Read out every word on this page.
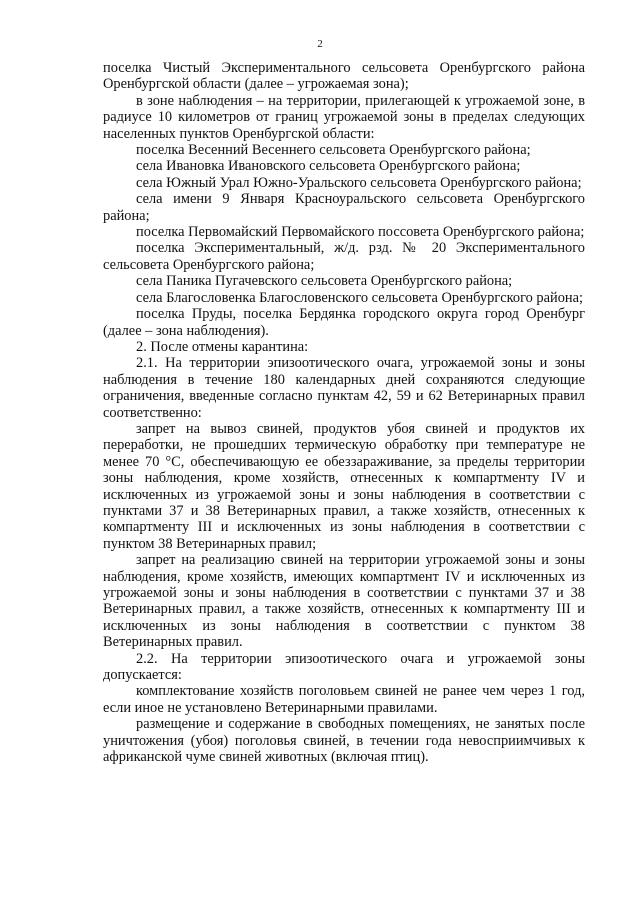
2

поселка Чистый Экспериментального сельсовета Оренбургского района Оренбургской области (далее – угрожаемая зона);

в зоне наблюдения – на территории, прилегающей к угрожаемой зоне, в радиусе 10 километров от границ угрожаемой зоны в пределах следующих населенных пунктов Оренбургской области:

поселка Весенний Весеннего сельсовета Оренбургского района;

села Ивановка Ивановского сельсовета Оренбургского района;

села Южный Урал Южно-Уральского сельсовета Оренбургского района;

села имени 9 Января Красноуральского сельсовета Оренбургского района;

поселка Первомайский Первомайского поссовета Оренбургского района;

поселка Экспериментальный, ж/д. рзд. № 20 Экспериментального сельсовета Оренбургского района;

села Паника Пугачевского сельсовета Оренбургского района;

села Благословенка Благословенского сельсовета Оренбургского района;

поселка Пруды, поселка Бердянка городского округа город Оренбург (далее – зона наблюдения).

2. После отмены карантина:

2.1. На территории эпизоотического очага, угрожаемой зоны и зоны наблюдения в течение 180 календарных дней сохраняются следующие ограничения, введенные согласно пунктам 42, 59 и 62 Ветеринарных правил соответственно:

запрет на вывоз свиней, продуктов убоя свиней и продуктов их переработки, не прошедших термическую обработку при температуре не менее 70 °С, обеспечивающую ее обеззараживание, за пределы территории зоны наблюдения, кроме хозяйств, отнесенных к компартменту IV и исключенных из угрожаемой зоны и зоны наблюдения в соответствии с пунктами 37 и 38 Ветеринарных правил, а также хозяйств, отнесенных к компартменту III и исключенных из зоны наблюдения в соответствии с пунктом 38 Ветеринарных правил;

запрет на реализацию свиней на территории угрожаемой зоны и зоны наблюдения, кроме хозяйств, имеющих компартмент IV и исключенных из угрожаемой зоны и зоны наблюдения в соответствии с пунктами 37 и 38 Ветеринарных правил, а также хозяйств, отнесенных к компартменту III и исключенных из зоны наблюдения в соответствии с пунктом 38 Ветеринарных правил.

2.2. На территории эпизоотического очага и угрожаемой зоны допускается:

комплектование хозяйств поголовьем свиней не ранее чем через 1 год, если иное не установлено Ветеринарными правилами.

размещение и содержание в свободных помещениях, не занятых после уничтожения (убоя) поголовья свиней, в течении года невосприимчивых к африканской чуме свиней животных (включая птиц).
